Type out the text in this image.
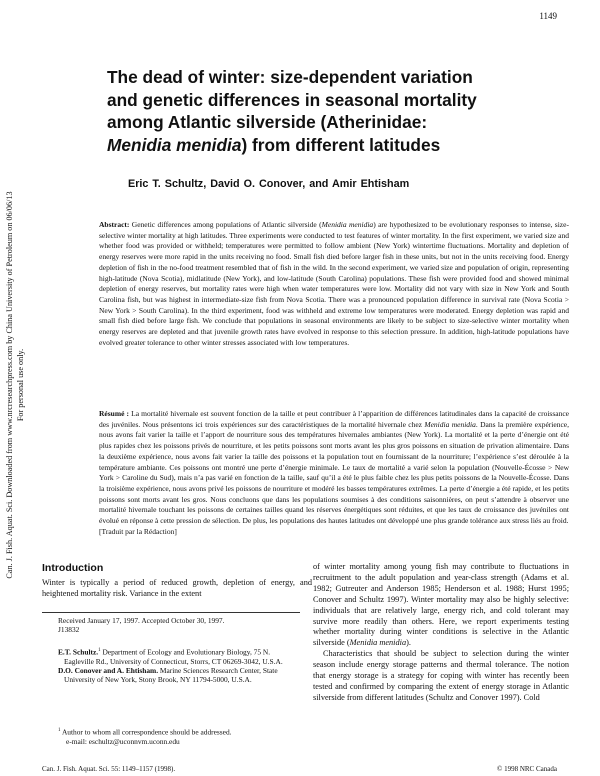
1149
Can. J. Fish. Aquat. Sci. Downloaded from www.nrcresearchpress.com by China University of Petroleum on 06/06/13 For personal use only.
The dead of winter: size-dependent variation
and genetic differences in seasonal mortality
among Atlantic silverside (Atherinidae:
Menidia menidia) from different latitudes
Eric T. Schultz, David O. Conover, and Amir Ehtisham
Abstract: Genetic differences among populations of Atlantic silverside (Menidia menidia) are hypothesized to be evolutionary responses to intense, size-selective winter mortality at high latitudes. Three experiments were conducted to test features of winter mortality. In the first experiment, we varied size and whether food was provided or withheld; temperatures were permitted to follow ambient (New York) wintertime fluctuations. Mortality and depletion of energy reserves were more rapid in the units receiving no food. Small fish died before larger fish in these units, but not in the units receiving food. Energy depletion of fish in the no-food treatment resembled that of fish in the wild. In the second experiment, we varied size and population of origin, representing high-latitude (Nova Scotia), midlatitude (New York), and low-latitude (South Carolina) populations. These fish were provided food and showed minimal depletion of energy reserves, but mortality rates were high when water temperatures were low. Mortality did not vary with size in New York and South Carolina fish, but was highest in intermediate-size fish from Nova Scotia. There was a pronounced population difference in survival rate (Nova Scotia > New York > South Carolina). In the third experiment, food was withheld and extreme low temperatures were moderated. Energy depletion was rapid and small fish died before large fish. We conclude that populations in seasonal environments are likely to be subject to size-selective winter mortality when energy reserves are depleted and that juvenile growth rates have evolved in response to this selection pressure. In addition, high-latitude populations have evolved greater tolerance to other winter stresses associated with low temperatures.
Résumé : La mortalité hivernale est souvent fonction de la taille et peut contribuer à l’apparition de différences latitudinales dans la capacité de croissance des juvéniles. Nous présentons ici trois expériences sur des caractéristiques de la mortalité hivernale chez Menidia menidia. Dans la première expérience, nous avons fait varier la taille et l’apport de nourriture sous des températures hivernales ambiantes (New York). La mortalité et la perte d’énergie ont été plus rapides chez les poissons privés de nourriture, et les petits poissons sont morts avant les plus gros poissons en situation de privation alimentaire. Dans la deuxième expérience, nous avons fait varier la taille des poissons et la population tout en fournissant de la nourriture; l’expérience s’est déroulée à la température ambiante. Ces poissons ont montré une perte d’énergie minimale. Le taux de mortalité a varié selon la population (Nouvelle-Écosse > New York > Caroline du Sud), mais n’a pas varié en fonction de la taille, sauf qu’il a été le plus faible chez les plus petits poissons de la Nouvelle-Écosse. Dans la troisième expérience, nous avons privé les poissons de nourriture et modéré les basses températures extrêmes. La perte d’énergie a été rapide, et les petits poissons sont morts avant les gros. Nous concluons que dans les populations soumises à des conditions saisonnières, on peut s’attendre à observer une mortalité hivernale touchant les poissons de certaines tailles quand les réserves énergétiques sont réduites, et que les taux de croissance des juvéniles ont évolué en réponse à cette pression de sélection. De plus, les populations des hautes latitudes ont développé une plus grande tolérance aux stress liés au froid.
[Traduit par la Rédaction]
Introduction
Winter is typically a period of reduced growth, depletion of energy, and heightened mortality risk. Variance in the extent
Received January 17, 1997. Accepted October 30, 1997.
J13832
E.T. Schultz.$^1$ Department of Ecology and Evolutionary Biology, 75 N. Eagleville Rd., University of Connecticut, Storrs, CT 06269-3042, U.S.A.
D.O. Conover and A. Ehtisham. Marine Sciences Research Center, State University of New York, Stony Brook, NY 11794-5000, U.S.A.
$^1$ Author to whom all correspondence should be addressed.
e-mail: eschultz@uconnvm.uconn.edu

of winter mortality among young fish may contribute to fluctuations in recruitment to the adult population and year-class strength (Adams et al. 1982; Gutreuter and Anderson 1985; Henderson et al. 1988; Hurst 1995; Conover and Schultz 1997). Winter mortality may also be highly selective: individuals that are relatively large, energy rich, and cold tolerant may survive more readily than others. Here, we report experiments testing whether mortality during winter conditions is selective in the Atlantic silverside (Menidia menidia).

Characteristics that should be subject to selection during the winter season include energy storage patterns and thermal tolerance. The notion that energy storage is a strategy for coping with winter has recently been tested and confirmed by comparing the extent of energy storage in Atlantic silverside from different latitudes (Schultz and Conover 1997). Cold

Can. J. Fish. Aquat. Sci. 55: 1149–1157 (1998).	© 1998 NRC Canada
